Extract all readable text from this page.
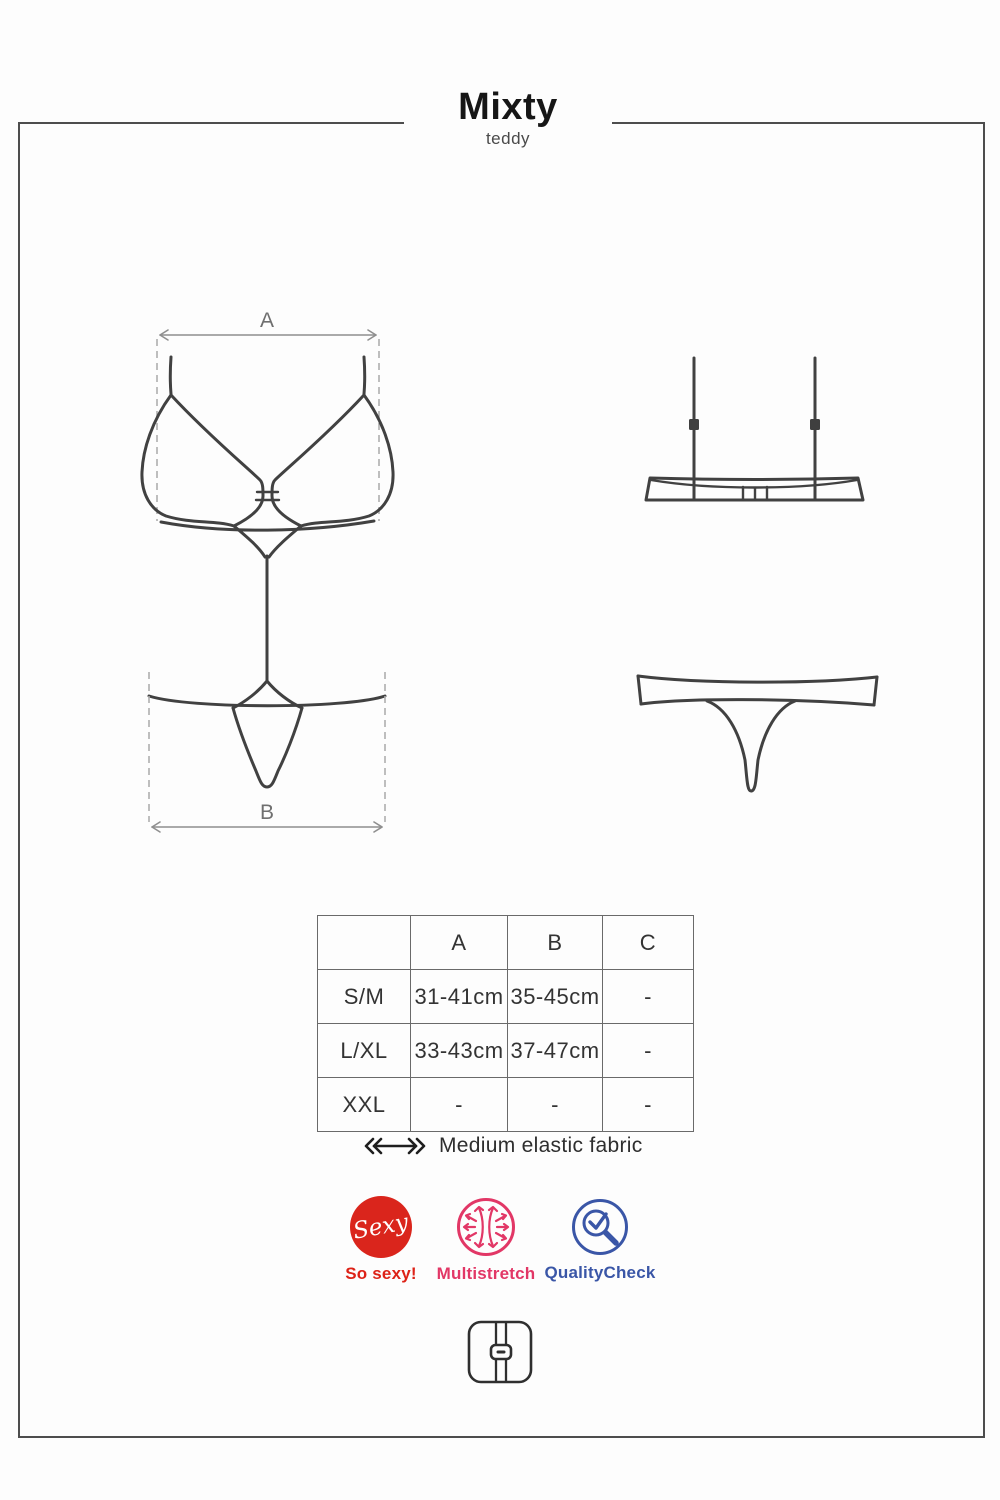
Mixty
teddy
A
B
	A	B	C
S/M	31-41cm	35-45cm	-
L/XL	33-43cm	37-47cm	-
XXL	-	-	-
Medium elastic fabric
Sexy
So sexy! Multistretch QualityCheck
